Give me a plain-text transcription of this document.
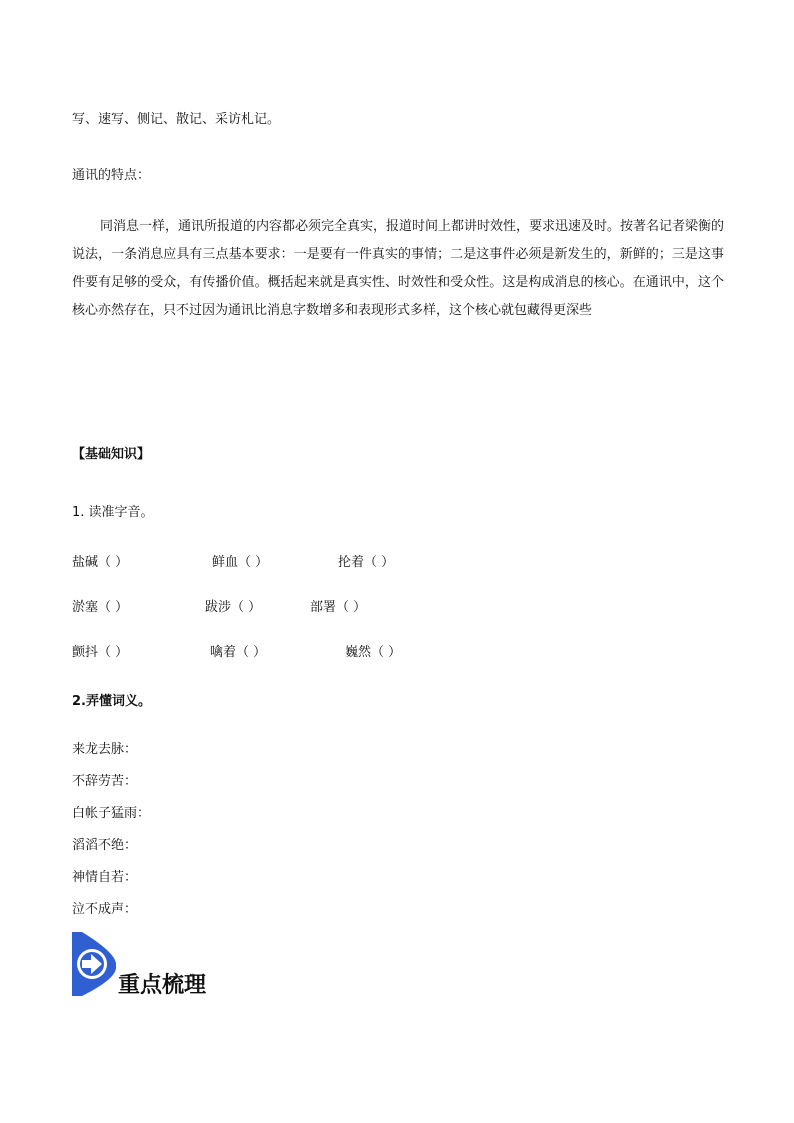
写、速写、侧记、散记、采访札记。
通讯的特点：

同消息一样，通讯所报道的内容都必须完全真实，报道时间上都讲时效性，要求迅速及时。按著名记者梁衡的说法，一条消息应具有三点基本要求：一是要有一件真实的事情；二是这事件必须是新发生的，新鲜的；三是这事件要有足够的受众，有传播价值。概括起来就是真实性、时效性和受众性。这是构成消息的核心。在通讯中，这个核心亦然存在，只不过因为通讯比消息字数增多和表现形式多样，这个核心就包藏得更深些

【基础知识】
1. 读准字音。
盐碱（ ）	鲜血（ ）	抡着（ ）
淤塞（ ）	跋涉（ ）	部署（ ）
颤抖（ ）	噙着（ ）	巍然（ ）
2.弄懂词义。
来龙去脉：
不辞劳苦：
白帐子猛雨：
滔滔不绝：
神情自若：
泣不成声：
重点梳理
